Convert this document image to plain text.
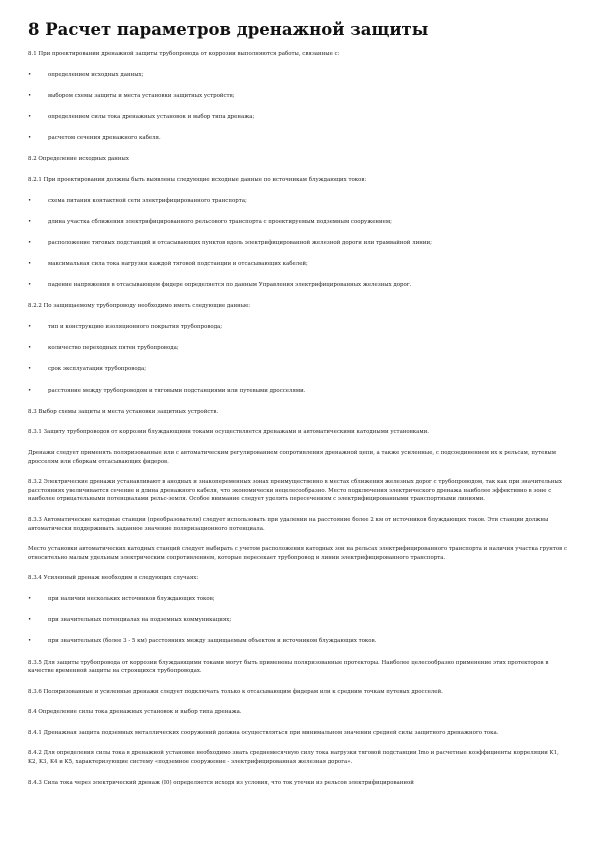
8 Расчет параметров дренажной защиты

8.1 При проектировании дренажной защиты трубопровода от коррозии выполняются работы, связанные с:

•	определением исходных данных;
•	выбором схемы защиты и места установки защитных устройств;
•	определением силы тока дренажных установок и выбор типа дренажа;
•	расчетом сечения дренажного кабеля.

8.2 Определение исходных данных

8.2.1 При проектировании должны быть выявлены следующие исходные данные по источникам блуждающих токов:

•	схема питания контактной сети электрифицированного транспорта;
•	длина участка сближения электрифицированного рельсового транспорта с проектируемым подземным сооружением;
•	расположение тяговых подстанций и отсасывающих пунктов вдоль электрифицированной железной дороги или трамвайной линии;
•	максимальная сила тока нагрузки каждой тяговой подстанции и отсасывающих кабелей;
•	падение напряжения в отсасывающем фидере определяется по данным Управления электрифицированных железных дорог.

8.2.2 По защищаемому трубопроводу необходимо иметь следующие данные:

•	тип и конструкцию изоляционного покрытия трубопровода;
•	количество переходных пятен трубопровода;
•	срок эксплуатации трубопровода;
•	расстояние между трубопроводом и тяговыми подстанциями или путевыми дросселями.

8.3 Выбор схемы защиты и места установки защитных устройств.

8.3.1 Защиту трубопроводов от коррозии блуждающими токами осуществляется дренажами и автоматическими катодными установками.

Дренажи следует применять поляризованные или с автоматическим регулированием сопротивления дренажной цепи, а также усиленные, с подсоединением их к рельсам, путевым дросселям или сборкам отсасывающих фидеров.

8.3.2 Электрические дренажи устанавливают в анодных и знакопеременных зонах преимущественно в местах сближения железных дорог с трубопроводом, так как при значительных расстояниях увеличивается сечение и длина дренажного кабеля, что экономически нецелесообразно. Место подключения электрического дренажа наиболее эффективно в зоне с наиболее отрицательными потенциалами рельс-земля. Особое внимание следует уделять пересечениям с электрифицированными транспортными линиями.

8.3.3 Автоматические катодные станции (преобразователи) следует использовать при удалении на расстояние более 2 км от источников блуждающих токов. Эти станции должны автоматически поддерживать заданное значение поляризационного потенциала.

Место установки автоматических катодных станций следует выбирать с учетом расположения катодных зон на рельсах электрифицированного транспорта и наличия участка грунтов с относительно малым удельным электрическим сопротивлением, которые пересекает трубопровод и линии электрифицированного транспорта.

8.3.4 Усиленный дренаж необходим в следующих случаях:

•	при наличии нескольких источников блуждающих токов;
•	при значительных потенциалах на подземных коммуникациях;
•	при значительных (более 3 - 5 км) расстояниях между защищаемым объектом и источником блуждающих токов.

8.3.5 Для защиты трубопровода от коррозии блуждающими токами могут быть применены поляризованные протекторы. Наиболее целесообразно применение этих протекторов в качестве временной защиты на строящихся трубопроводах.

8.3.6 Поляризованные и усиленные дренажи следует подключать только к отсасывающим фидерам или к средним точкам путевых дросселей.

8.4 Определение силы тока дренажных установок и выбор типа дренажа.

8.4.1 Дренажная защита подземных металлических сооружений должна осуществляться при минимальном значении средней силы защитного дренажного тока.

8.4.2 Для определения силы тока в дренажной установке необходимо знать среднемесячную силу тока нагрузки тяговой подстанции Imo и расчетные коэффициенты корреляции K1, K2, K3, K4 и K5, характеризующие систему «подземное сооружение - электрифицированная железная дорога».

8.4.3 Сила тока через электрический дренаж (I0) определяется исходя из условия, что ток утечки из рельсов электрифицированной
